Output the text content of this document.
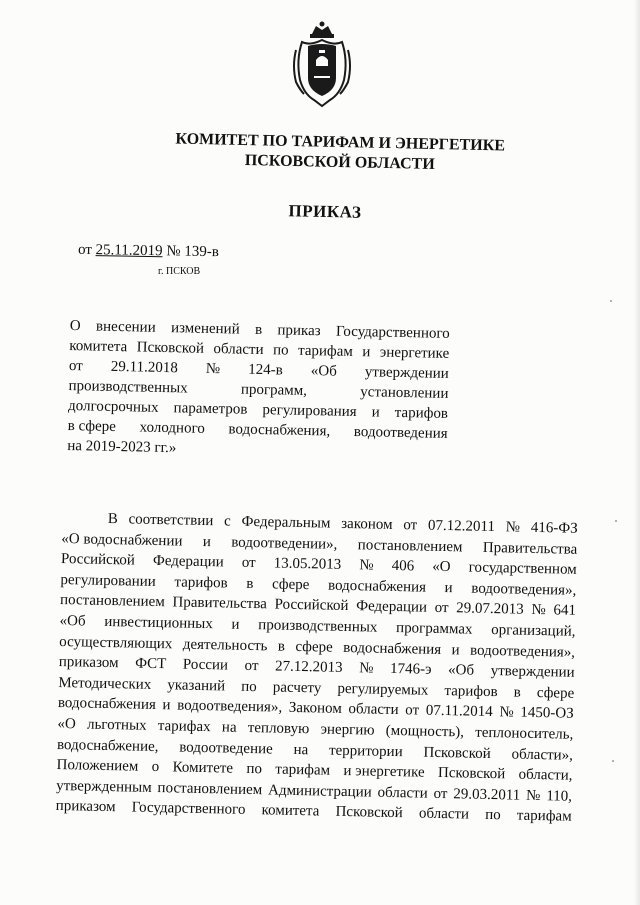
КОМИТЕТ ПО ТАРИФАМ И ЭНЕРГЕТИКЕ
ПСКОВСКОЙ ОБЛАСТИ
ПРИКАЗ
от 25.11.2019 № 139-в
г. ПСКОВ
О внесении изменений в приказ Государственного
комитета Псковской области по тарифам и энергетике
от 29.11.2018 № 124-в «Об утверждении
производственных	программ,	установлении
долгосрочных параметров регулирования и тарифов
в сфере холодного водоснабжения, водоотведения
на 2019-2023 гг.»
В соответствии с Федеральным законом от 07.12.2011 № 416-ФЗ
«О водоснабжении и водоотведении», постановлением Правительства
Российской Федерации от 13.05.2013 № 406 «О государственном
регулировании тарифов в сфере водоснабжения и водоотведения»,
постановлением Правительства Российской Федерации от 29.07.2013 № 641
«Об инвестиционных и производственных программах организаций,
осуществляющих деятельность в сфере водоснабжения и водоотведения»,
приказом ФСТ России от 27.12.2013 № 1746-э «Об утверждении
Методических указаний по расчету регулируемых тарифов в сфере
водоснабжения и водоотведения», Законом области от 07.11.2014 № 1450-ОЗ
«О льготных тарифах на тепловую энергию (мощность), теплоноситель,
водоснабжение, водоотведение на территории Псковской области»,
Положением о Комитете по тарифам и энергетике Псковской области,
утвержденным постановлением Администрации области от 29.03.2011 № 110,
приказом Государственного комитета Псковской области по тарифам
